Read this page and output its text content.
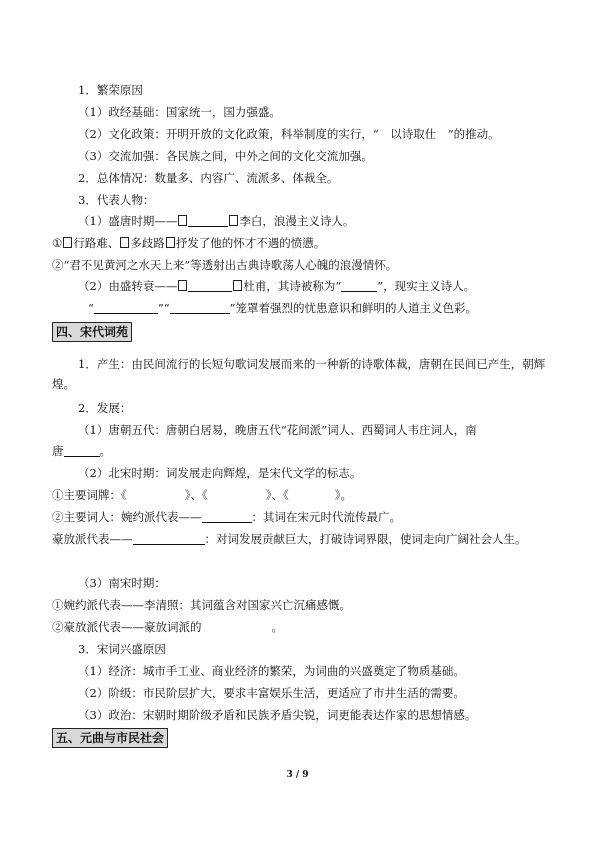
1．繁荣原因
（1）政经基础：国家统一，国力强盛。
（2）文化政策：开明开放的文化政策，科举制度的实行，“　以诗取仕　”的推动。
（3）交流加强：各民族之间，中外之间的文化交流加强。
2．总体情况：数量多、内容广、流派多、体裁全。
3．代表人物：
（1）盛唐时期——	李白，浪漫主义诗人。
① 行路难、 多歧路 抒发了他的怀才不遇的愤懑。
②“君不见黄河之水天上来”等透射出古典诗歌荡人心魄的浪漫情怀。
（2）由盛转衰——	杜甫，其诗被称为“	”，现实主义诗人。
“	”“	”笼罩着强烈的忧患意识和鲜明的人道主义色彩。
四、宋代词苑
1．产生：由民间流行的长短句歌词发展而来的一种新的诗歌体裁，唐朝在民间已产生，朝辉煌。
2．发展：
（1）唐朝五代：唐朝白居易，晚唐五代“花间派”词人、西蜀词人韦庄词人，南
唐	。
（2）北宋时期：词发展走向辉煌，是宋代文学的标志。
①主要词牌：《	》、《	》、《	》。
②主要词人：婉约派代表——	：其词在宋元时代流传最广。
豪放派代表——	：对词发展贡献巨大，打破诗词界限，使词走向广阔社会人生。
（3）南宋时期：
①婉约派代表——李清照：其词蕴含对国家兴亡沉痛感慨。
②豪放派代表——豪放词派的	。
3．宋词兴盛原因
（1）经济：城市手工业、商业经济的繁荣，为词曲的兴盛奠定了物质基础。
（2）阶级：市民阶层扩大，要求丰富娱乐生活，更适应了市井生活的需要。
（3）政治：宋朝时期阶级矛盾和民族矛盾尖锐，词更能表达作家的思想情感。
五、元曲与市民社会
3 / 9
